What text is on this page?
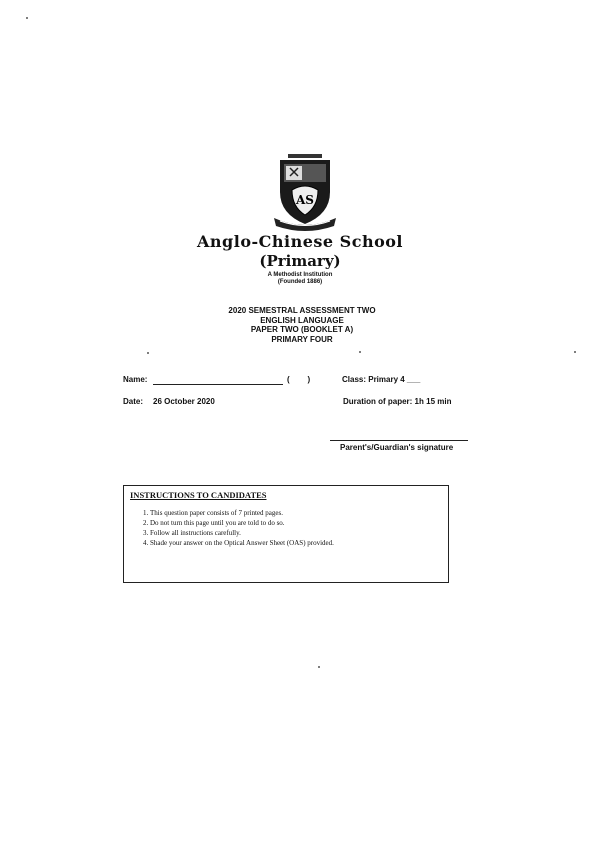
AS
Anglo-Chinese School
(Primary)
A Methodist Institution
(Founded 1886)
2020 SEMESTRAL ASSESSMENT TWO
ENGLISH LANGUAGE
PAPER TWO (BOOKLET A)
PRIMARY FOUR
Name:	(        )	Class: Primary 4 ___
Date: 26 October 2020	Duration of paper: 1h 15 min
Parent's/Guardian's signature
INSTRUCTIONS TO CANDIDATES
1. This question paper consists of 7 printed pages.
2. Do not turn this page until you are told to do so.
3. Follow all instructions carefully.
4. Shade your answer on the Optical Answer Sheet (OAS) provided.
